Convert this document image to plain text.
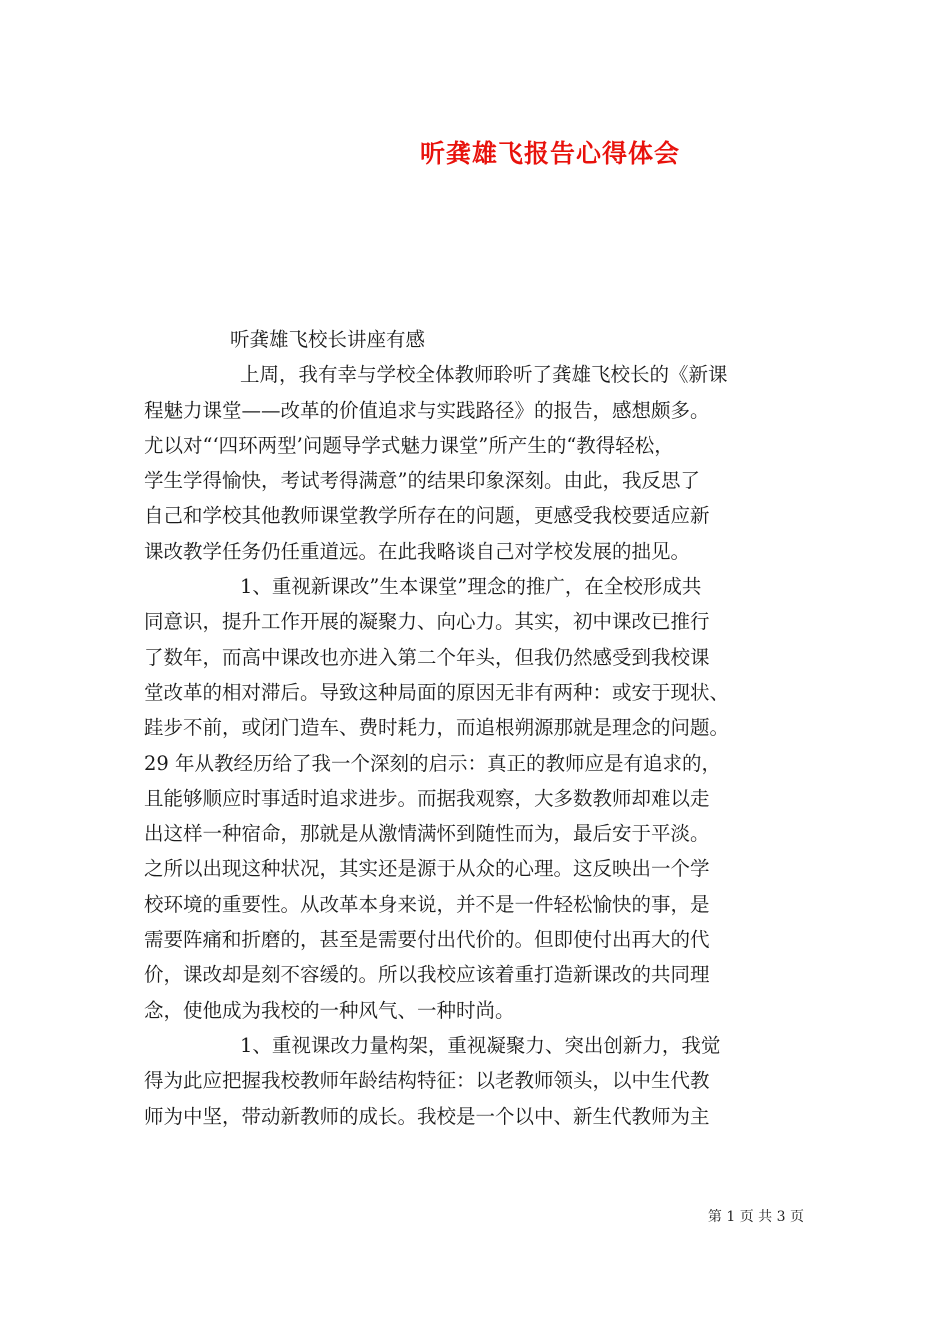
听龚雄飞报告心得体会
听龚雄飞校长讲座有感
上周，我有幸与学校全体教师聆听了龚雄飞校长的《新课
程魅力课堂——改革的价值追求与实践路径》的报告，感想颇多。
尤以对“‘四环两型’问题导学式魅力课堂”所产生的“教得轻松，
学生学得愉快，考试考得满意”的结果印象深刻。由此，我反思了
自己和学校其他教师课堂教学所存在的问题，更感受我校要适应新
课改教学任务仍任重道远。在此我略谈自己对学校发展的拙见。
1、重视新课改”生本课堂”理念的推广，在全校形成共
同意识，提升工作开展的凝聚力、向心力。其实，初中课改已推行
了数年，而高中课改也亦进入第二个年头，但我仍然感受到我校课
堂改革的相对滞后。导致这种局面的原因无非有两种：或安于现状、
跬步不前，或闭门造车、费时耗力，而追根朔源那就是理念的问题。
29 年从教经历给了我一个深刻的启示：真正的教师应是有追求的，
且能够顺应时事适时追求进步。而据我观察，大多数教师却难以走
出这样一种宿命，那就是从激情满怀到随性而为，最后安于平淡。
之所以出现这种状况，其实还是源于从众的心理。这反映出一个学
校环境的重要性。从改革本身来说，并不是一件轻松愉快的事，是
需要阵痛和折磨的，甚至是需要付出代价的。但即使付出再大的代
价，课改却是刻不容缓的。所以我校应该着重打造新课改的共同理
念，使他成为我校的一种风气、一种时尚。
1、重视课改力量构架，重视凝聚力、突出创新力，我觉
得为此应把握我校教师年龄结构特征：以老教师领头，以中生代教
师为中坚，带动新教师的成长。我校是一个以中、新生代教师为主
第 1 页 共 3 页
